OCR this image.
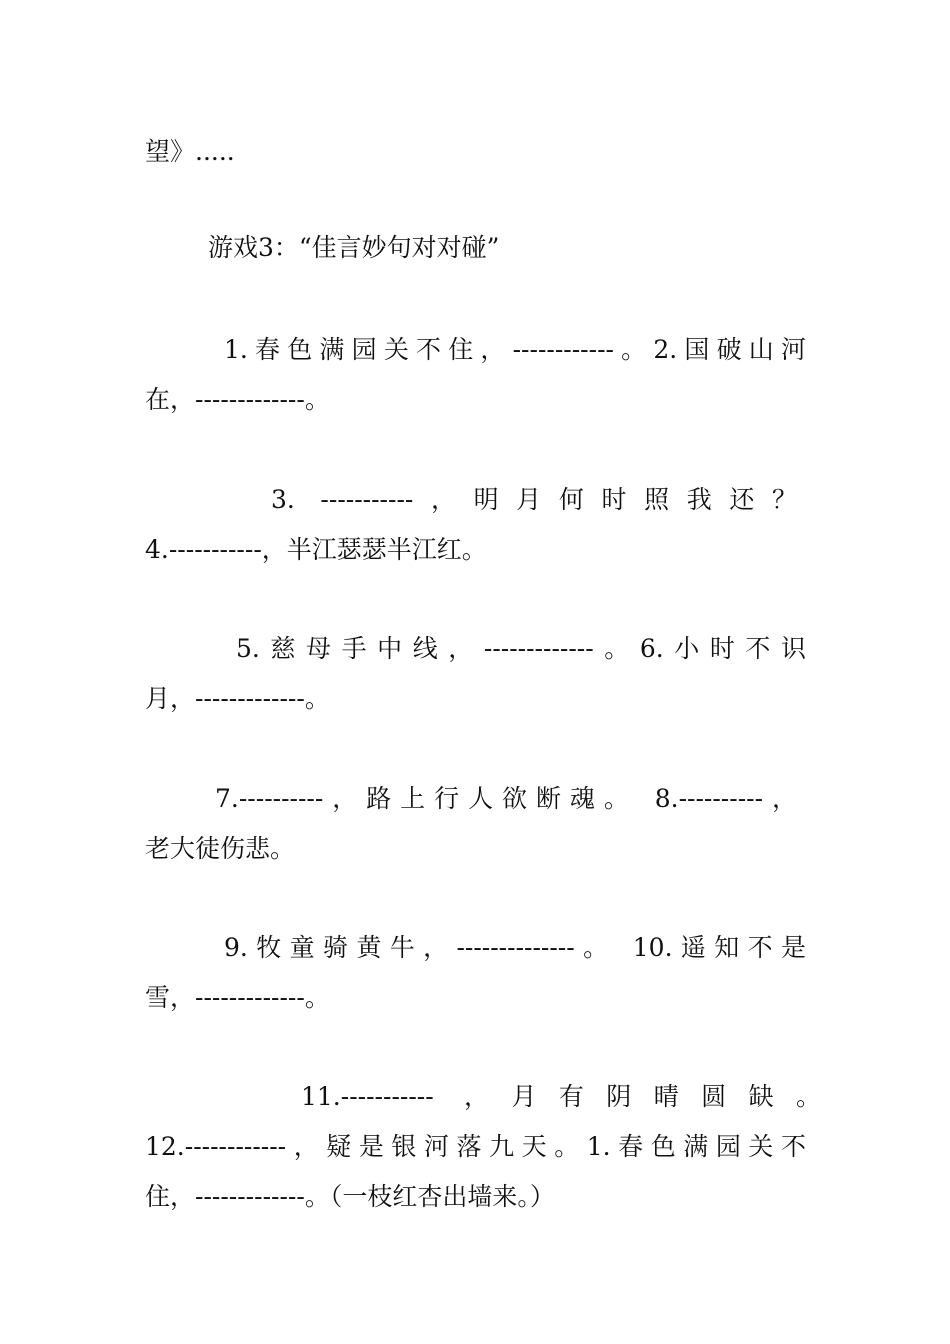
望》.....
游戏3：“佳言妙句对对碰”
1.春色满园关不住，------------。2.国破山河
在，-------------。
3. -----------，明月何时照我还？
4.-----------，半江瑟瑟半江红。
5.慈母手中线，-------------。6.小时不识
月，-------------。
7.----------，路上行人欲断魂。 8.----------，
老大徒伤悲。
9.牧童骑黄牛，--------------。 10.遥知不是
雪，-------------。
11.----------- ，月有阴晴圆缺。
12.------------，疑是银河落九天。1.春色满园关不
住，-------------。（一枝红杏出墙来。）
